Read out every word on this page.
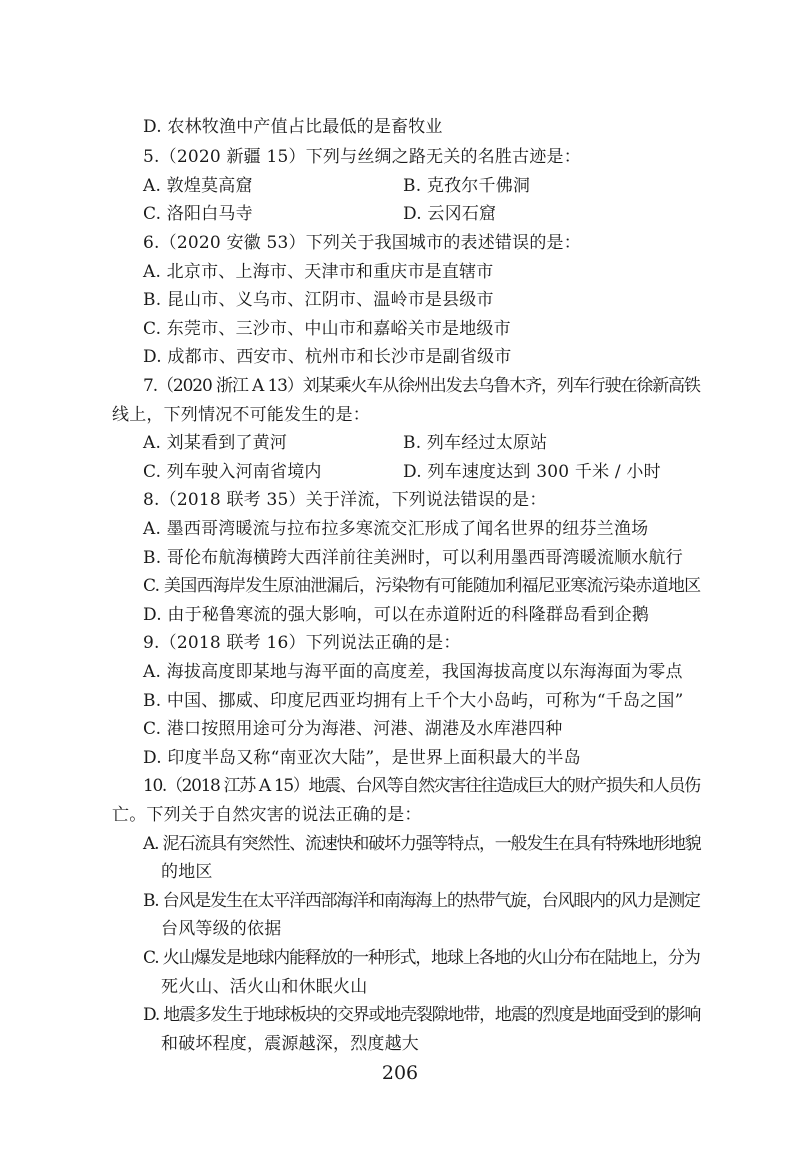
D. 农林牧渔中产值占比最低的是畜牧业
5.（2020 新疆 15）下列与丝绸之路无关的名胜古迹是：
A. 敦煌莫高窟	B. 克孜尔千佛洞
C. 洛阳白马寺	D. 云冈石窟
6.（2020 安徽 53）下列关于我国城市的表述错误的是：
A. 北京市、上海市、天津市和重庆市是直辖市
B. 昆山市、义乌市、江阴市、温岭市是县级市
C. 东莞市、三沙市、中山市和嘉峪关市是地级市
D. 成都市、西安市、杭州市和长沙市是副省级市
7.（2020 浙江 A 13）刘某乘火车从徐州出发去乌鲁木齐，列车行驶在徐新高铁
线上，下列情况不可能发生的是：
A. 刘某看到了黄河	B. 列车经过太原站
C. 列车驶入河南省境内	D. 列车速度达到 300 千米 / 小时
8.（2018 联考 35）关于洋流，下列说法错误的是：
A. 墨西哥湾暖流与拉布拉多寒流交汇形成了闻名世界的纽芬兰渔场
B. 哥伦布航海横跨大西洋前往美洲时，可以利用墨西哥湾暖流顺水航行
C. 美国西海岸发生原油泄漏后，污染物有可能随加利福尼亚寒流污染赤道地区
D. 由于秘鲁寒流的强大影响，可以在赤道附近的科隆群岛看到企鹅
9.（2018 联考 16）下列说法正确的是：
A. 海拔高度即某地与海平面的高度差，我国海拔高度以东海海面为零点
B. 中国、挪威、印度尼西亚均拥有上千个大小岛屿，可称为“千岛之国”
C. 港口按照用途可分为海港、河港、湖港及水库港四种
D. 印度半岛又称“南亚次大陆”，是世界上面积最大的半岛
10.（2018 江苏 A 15）地震、台风等自然灾害往往造成巨大的财产损失和人员伤
亡。下列关于自然灾害的说法正确的是：
A. 泥石流具有突然性、流速快和破坏力强等特点，一般发生在具有特殊地形地貌
的地区
B. 台风是发生在太平洋西部海洋和南海海上的热带气旋，台风眼内的风力是测定
台风等级的依据
C. 火山爆发是地球内能释放的一种形式，地球上各地的火山分布在陆地上，分为
死火山、活火山和休眠火山
D. 地震多发生于地球板块的交界或地壳裂隙地带，地震的烈度是地面受到的影响
和破坏程度，震源越深，烈度越大
206
